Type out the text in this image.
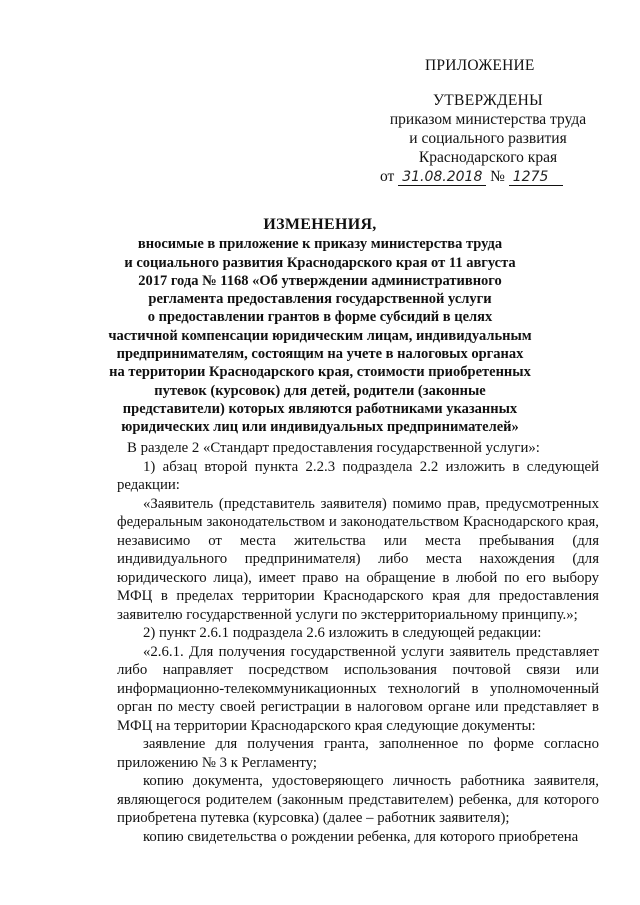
ПРИЛОЖЕНИЕ
УТВЕРЖДЕНЫ
приказом министерства труда
и социального развития
Краснодарского края
от 31.08.2018 № 1275
ИЗМЕНЕНИЯ,
вносимые в приложение к приказу министерства труда
и социального развития Краснодарского края от 11 августа
2017 года № 1168 «Об утверждении административного
регламента предоставления государственной услуги
о предоставлении грантов в форме субсидий в целях
частичной компенсации юридическим лицам, индивидуальным
предпринимателям, состоящим на учете в налоговых органах
на территории Краснодарского края, стоимости приобретенных
путевок (курсовок) для детей, родители (законные
представители) которых являются работниками указанных
юридических лиц или индивидуальных предпринимателей»

В разделе 2 «Стандарт предоставления государственной услуги»:

1) абзац второй пункта 2.2.3 подраздела 2.2 изложить в следующей редакции:

«Заявитель (представитель заявителя) помимо прав, предусмотренных федеральным законодательством и законодательством Краснодарского края, независимо от места жительства или места пребывания (для индивидуального предпринимателя) либо места нахождения (для юридического лица), имеет право на обращение в любой по его выбору МФЦ в пределах территории Краснодарского края для предоставления заявителю государственной услуги по экстерриториальному принципу.»;

2) пункт 2.6.1 подраздела 2.6 изложить в следующей редакции:

«2.6.1. Для получения государственной услуги заявитель представляет либо направляет посредством использования почтовой связи или информационно-телекоммуникационных технологий в уполномоченный орган по месту своей регистрации в налоговом органе или представляет в МФЦ на территории Краснодарского края следующие документы:

заявление для получения гранта, заполненное по форме согласно приложению № 3 к Регламенту;

копию документа, удостоверяющего личность работника заявителя, являющегося родителем (законным представителем) ребенка, для которого приобретена путевка (курсовка) (далее – работник заявителя);

копию свидетельства о рождении ребенка, для которого приобретена
